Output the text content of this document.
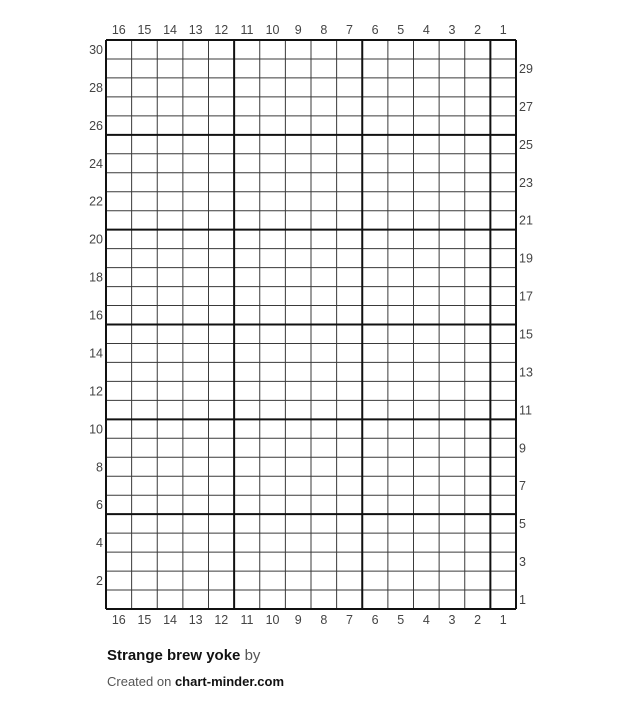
16 15 14 13 12 11 10 9 8 7 6 5 4 3 2 1
16 15 14 13 12 11 10 9 8 7 6 5 4 3 2 1
30
28
26
24
22
20
18
16
14
12
10
8
6
4
2
29
27
25
23
21
19
17
15
13
11
9
7
5
3
1
Strange brew yoke by
Created on chart-minder.com
